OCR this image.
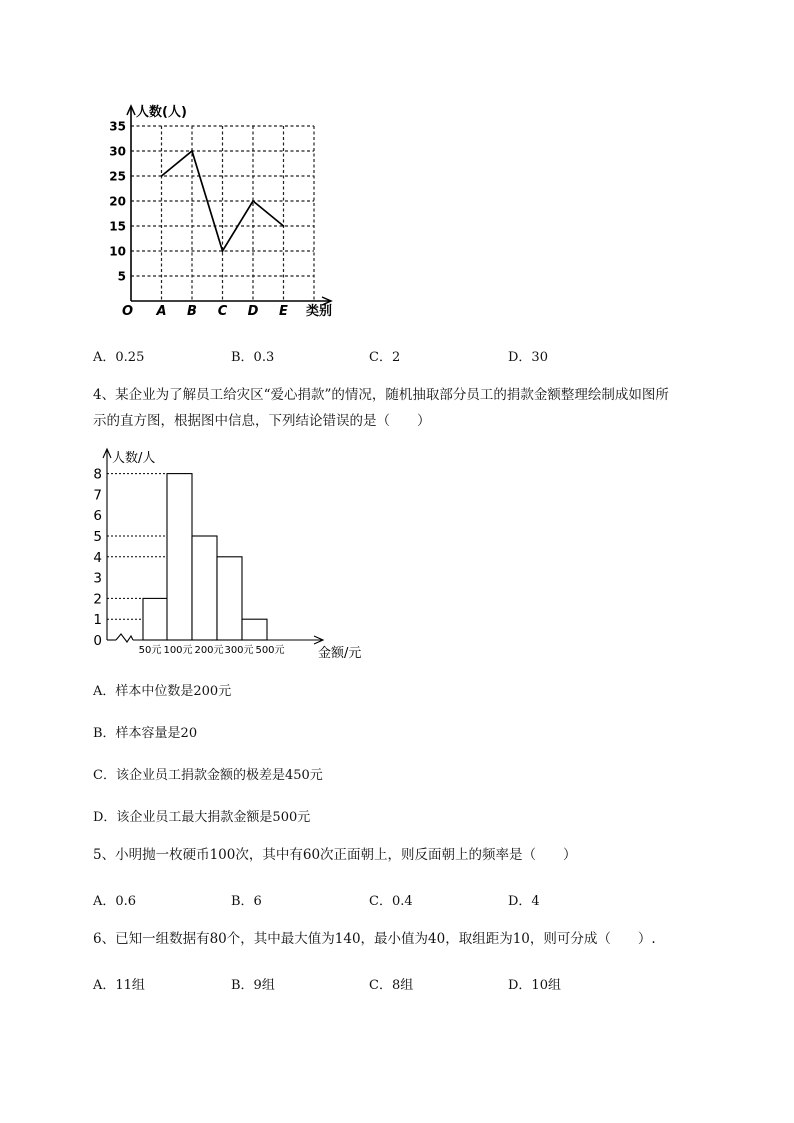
人数(人)
类别
O
5
10
15
20
25
30
35
A B C D E
A．0.25	B．0.3	C．2	D．30
4、某企业为了解员工给灾区“爱心捐款”的情况，随机抽取部分员工的捐款金额整理绘制成如图所
示的直方图，根据图中信息，下列结论错误的是（　　）
人数/人
金额/元
0
1
2
3
4
5
6
7
8
50元 100元 200元 300元 500元
A．样本中位数是200元
B．样本容量是20
C．该企业员工捐款金额的极差是450元
D．该企业员工最大捐款金额是500元
5、小明抛一枚硬币100次，其中有60次正面朝上，则反面朝上的频率是（　　）
A．0.6	B．6	C．0.4	D．4
6、已知一组数据有80个，其中最大值为140，最小值为40，取组距为10，则可分成（　　）.
A．11组	B．9组	C．8组	D．10组
